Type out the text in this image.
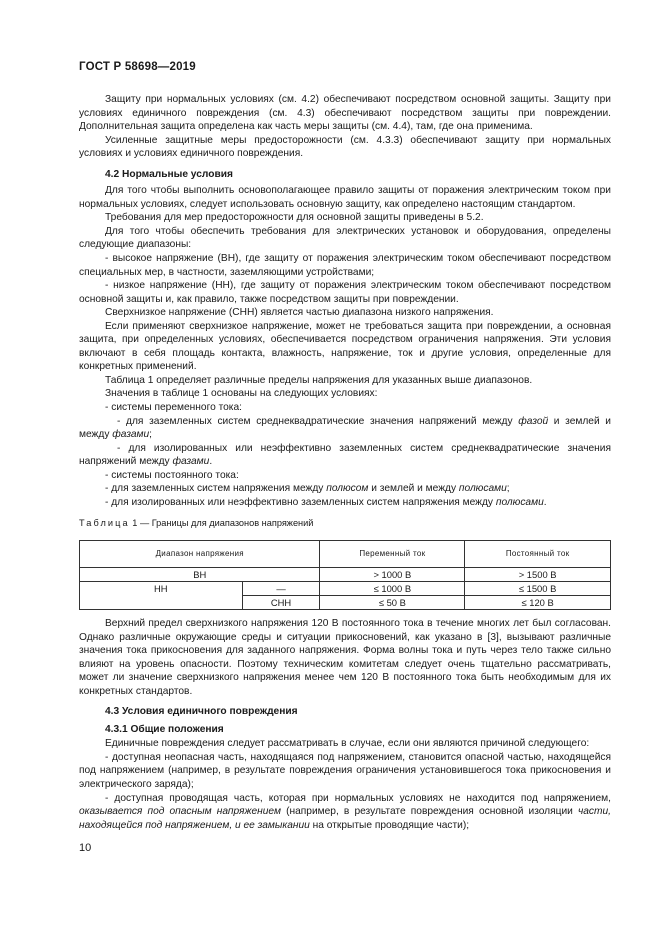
ГОСТ Р 58698—2019

Защиту при нормальных условиях (см. 4.2) обеспечивают посредством основной защиты. Защиту при условиях единичного повреждения (см. 4.3) обеспечивают посредством защиты при повреждении. Дополнительная защита определена как часть меры защиты (см. 4.4), там, где она применима.

Усиленные защитные меры предосторожности (см. 4.3.3) обеспечивают защиту при нормальных условиях и условиях единичного повреждения.

4.2 Нормальные условия

Для того чтобы выполнить основополагающее правило защиты от поражения электрическим током при нормальных условиях, следует использовать основную защиту, как определено настоящим стандартом.

Требования для мер предосторожности для основной защиты приведены в 5.2.

Для того чтобы обеспечить требования для электрических установок и оборудования, определены следующие диапазоны:

- высокое напряжение (ВН), где защиту от поражения электрическим током обеспечивают посредством специальных мер, в частности, заземляющими устройствами;

- низкое напряжение (НН), где защиту от поражения электрическим током обеспечивают посредством основной защиты и, как правило, также посредством защиты при повреждении.

Сверхнизкое напряжение (СНН) является частью диапазона низкого напряжения.

Если применяют сверхнизкое напряжение, может не требоваться защита при повреждении, а основная защита, при определенных условиях, обеспечивается посредством ограничения напряжения. Эти условия включают в себя площадь контакта, влажность, напряжение, ток и другие условия, определенные для конкретных применений.

Таблица 1 определяет различные пределы напряжения для указанных выше диапазонов.

Значения в таблице 1 основаны на следующих условиях:

- системы переменного тока:

- для заземленных систем среднеквадратические значения напряжений между фазой и землей и между фазами;

- для изолированных или неэффективно заземленных систем среднеквадратические значения напряжений между фазами.

- системы постоянного тока:

- для заземленных систем напряжения между полюсом и землей и между полюсами;

- для изолированных или неэффективно заземленных систем напряжения между полюсами.

Таблица 1 — Границы для диапазонов напряжений

Диапазон напряжения		Переменный ток	Постоянный ток
ВН		> 1000 В	> 1500 В
НН	—	≤ 1000 В	≤ 1500 В
	СНН	≤ 50 В	≤ 120 В

Верхний предел сверхнизкого напряжения 120 В постоянного тока в течение многих лет был согласован. Однако различные окружающие среды и ситуации прикосновений, как указано в [3], вызывают различные значения тока прикосновения для заданного напряжения. Форма волны тока и путь через тело также сильно влияют на уровень опасности. Поэтому техническим комитетам следует очень тщательно рассматривать, может ли значение сверхнизкого напряжения менее чем 120 В постоянного тока быть необходимым для их конкретных стандартов.

4.3 Условия единичного повреждения

4.3.1 Общие положения

Единичные повреждения следует рассматривать в случае, если они являются причиной следующего:

- доступная неопасная часть, находящаяся под напряжением, становится опасной частью, находящейся под напряжением (например, в результате повреждения ограничения установившегося тока прикосновения и электрического заряда);

- доступная проводящая часть, которая при нормальных условиях не находится под напряжением, оказывается под опасным напряжением (например, в результате повреждения основной изоляции части, находящейся под напряжением, и ее замыкании на открытые проводящие части);

10
